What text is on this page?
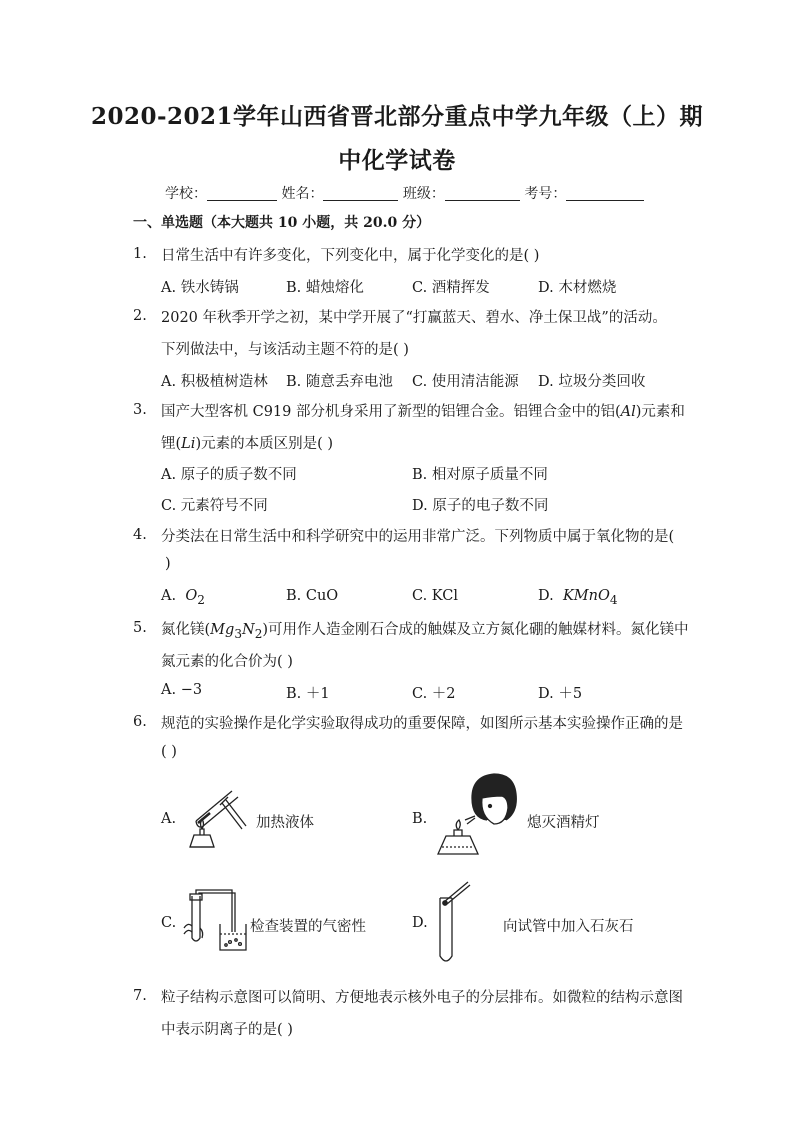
2020-2021学年山西省晋北部分重点中学九年级（上）期
中化学试卷
学校：	姓名：	班级：	考号：
一、单选题（本大题共 10 小题，共 20.0 分）
1. 日常生活中有许多变化，下列变化中，属于化学变化的是( )
A. 铁水铸锅	B. 蜡烛熔化	C. 酒精挥发	D. 木材燃烧
2. 2020 年秋季开学之初，某中学开展了“打赢蓝天、碧水、净土保卫战”的活动。
下列做法中，与该活动主题不符的是( )
A. 积极植树造林 B. 随意丢弃电池 C. 使用清洁能源 D. 垃圾分类回收
3. 国产大型客机 C919 部分机身采用了新型的铝锂合金。铝锂合金中的铝(Al)元素和
锂(Li)元素的本质区别是( )
A. 原子的质子数不同	B. 相对原子质量不同
C. 元素符号不同	D. 原子的电子数不同
4. 分类法在日常生活中和科学研究中的运用非常广泛。下列物质中属于氧化物的是(
)
A. $O_2$	B. CuO	C. KCl	D. KMnO$_4$
5. 氮化镁$(Mg_3N_2)$可用作人造金刚石合成的触媒及立方氮化硼的触媒材料。氮化镁中
氮元素的化合价为( )
A. −3	B. ＋1	C. ＋2	D. ＋5
6. 规范的实验操作是化学实验取得成功的重要保障，如图所示基本实验操作正确的是
( )
A.	加热液体	B.	熄灭酒精灯
C.	检查装置的气密性	D.	向试管中加入石灰石
7. 粒子结构示意图可以简明、方便地表示核外电子的分层排布。如微粒的结构示意图
中表示阴离子的是( )
